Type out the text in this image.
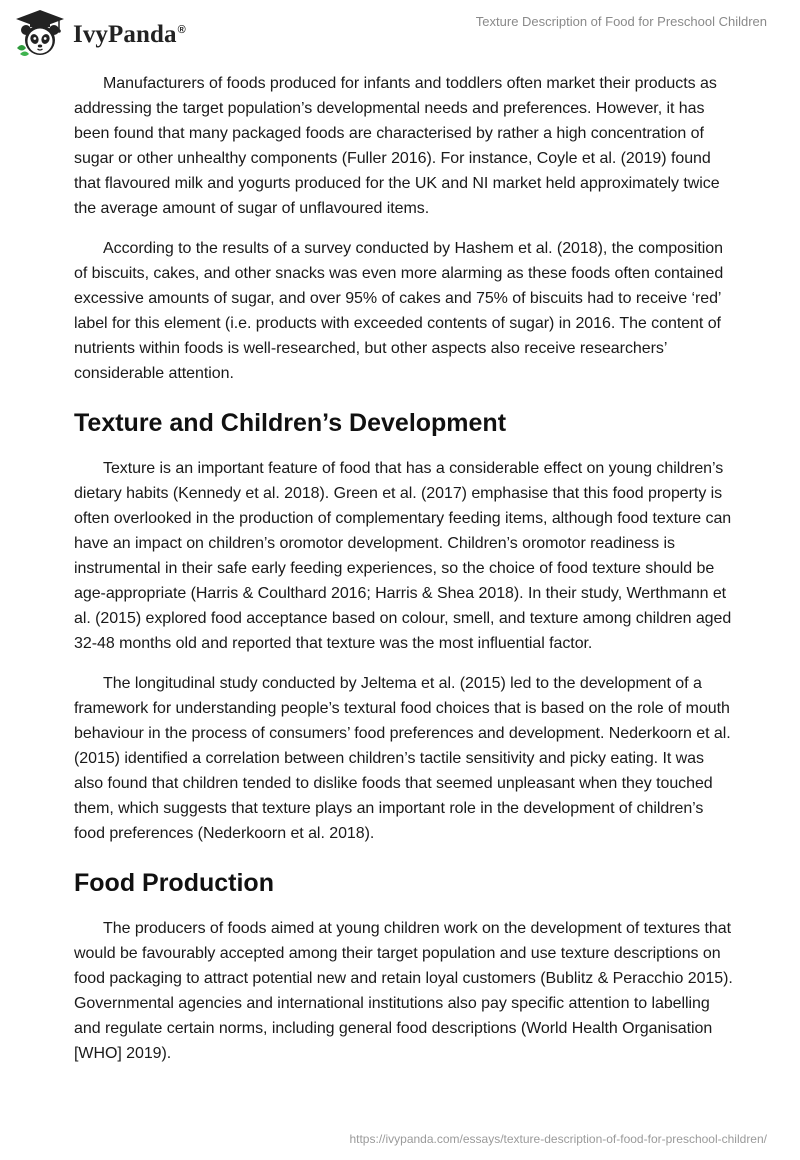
IvyPanda®
Texture Description of Food for Preschool Children

Manufacturers of foods produced for infants and toddlers often market their products as addressing the target population’s developmental needs and preferences. However, it has been found that many packaged foods are characterised by rather a high concentration of sugar or other unhealthy components (Fuller 2016). For instance, Coyle et al. (2019) found that flavoured milk and yogurts produced for the UK and NI market held approximately twice the average amount of sugar of unflavoured items.

According to the results of a survey conducted by Hashem et al. (2018), the composition of biscuits, cakes, and other snacks was even more alarming as these foods often contained excessive amounts of sugar, and over 95% of cakes and 75% of biscuits had to receive ‘red’ label for this element (i.e. products with exceeded contents of sugar) in 2016. The content of nutrients within foods is well-researched, but other aspects also receive researchers’ considerable attention.

Texture and Children’s Development

Texture is an important feature of food that has a considerable effect on young children’s dietary habits (Kennedy et al. 2018). Green et al. (2017) emphasise that this food property is often overlooked in the production of complementary feeding items, although food texture can have an impact on children’s oromotor development. Children’s oromotor readiness is instrumental in their safe early feeding experiences, so the choice of food texture should be age-appropriate (Harris & Coulthard 2016; Harris & Shea 2018). In their study, Werthmann et al. (2015) explored food acceptance based on colour, smell, and texture among children aged 32-48 months old and reported that texture was the most influential factor.

The longitudinal study conducted by Jeltema et al. (2015) led to the development of a framework for understanding people’s textural food choices that is based on the role of mouth behaviour in the process of consumers’ food preferences and development. Nederkoorn et al. (2015) identified a correlation between children’s tactile sensitivity and picky eating. It was also found that children tended to dislike foods that seemed unpleasant when they touched them, which suggests that texture plays an important role in the development of children’s food preferences (Nederkoorn et al. 2018).

Food Production

The producers of foods aimed at young children work on the development of textures that would be favourably accepted among their target population and use texture descriptions on food packaging to attract potential new and retain loyal customers (Bublitz & Peracchio 2015). Governmental agencies and international institutions also pay specific attention to labelling and regulate certain norms, including general food descriptions (World Health Organisation [WHO] 2019).

https://ivypanda.com/essays/texture-description-of-food-for-preschool-children/
